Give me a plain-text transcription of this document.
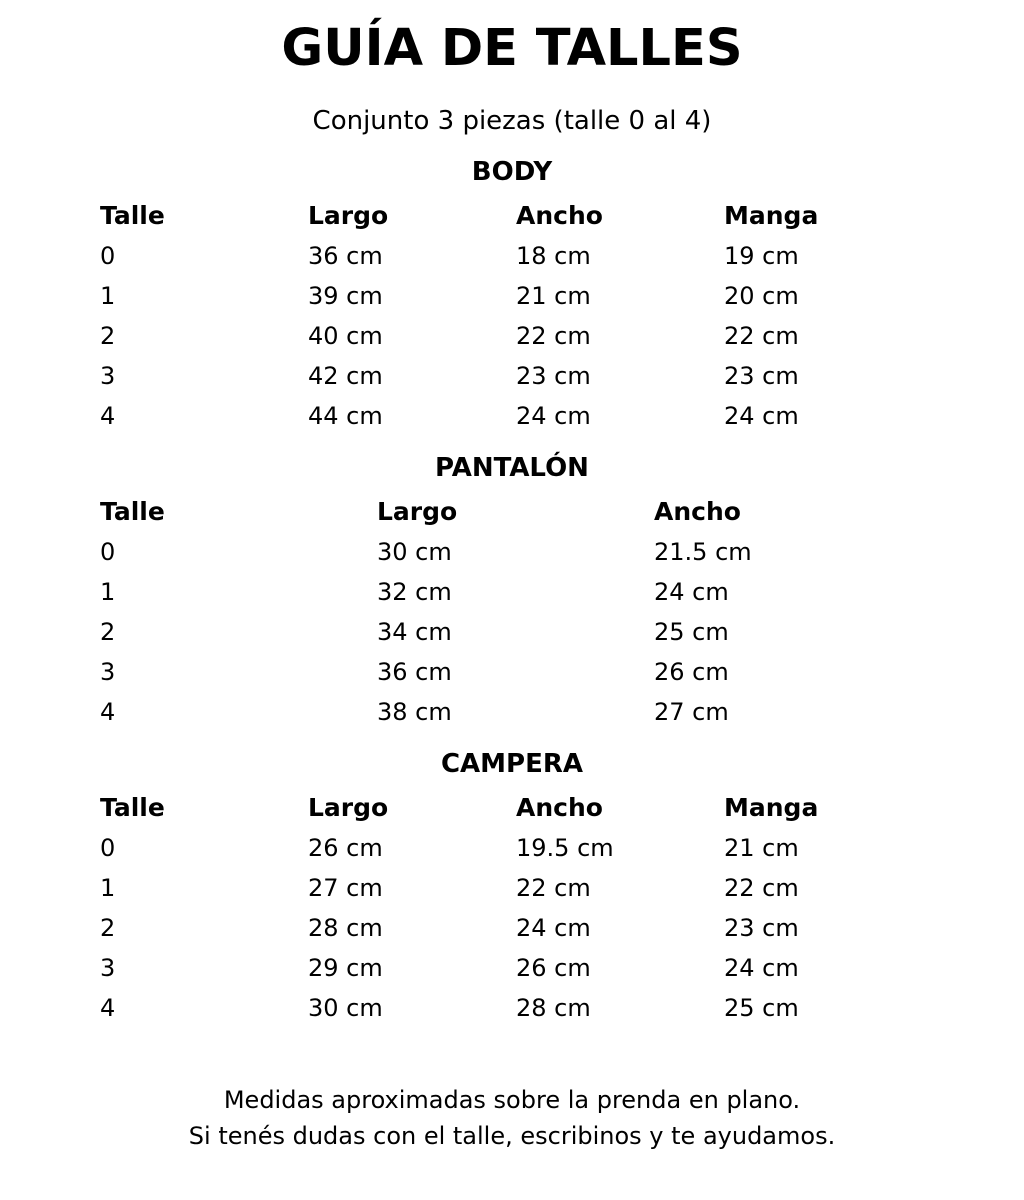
GUÍA DE TALLES
Conjunto 3 piezas (talle 0 al 4)
BODY
Talle	Largo	Ancho	Manga
0	36 cm	18 cm	19 cm
1	39 cm	21 cm	20 cm
2	40 cm	22 cm	22 cm
3	42 cm	23 cm	23 cm
4	44 cm	24 cm	24 cm
PANTALÓN
Talle	Largo	Ancho
0	30 cm	21.5 cm
1	32 cm	24 cm
2	34 cm	25 cm
3	36 cm	26 cm
4	38 cm	27 cm
CAMPERA
Talle	Largo	Ancho	Manga
0	26 cm	19.5 cm	21 cm
1	27 cm	22 cm	22 cm
2	28 cm	24 cm	23 cm
3	29 cm	26 cm	24 cm
4	30 cm	28 cm	25 cm
Medidas aproximadas sobre la prenda en plano.
Si tenés dudas con el talle, escribinos y te ayudamos.
